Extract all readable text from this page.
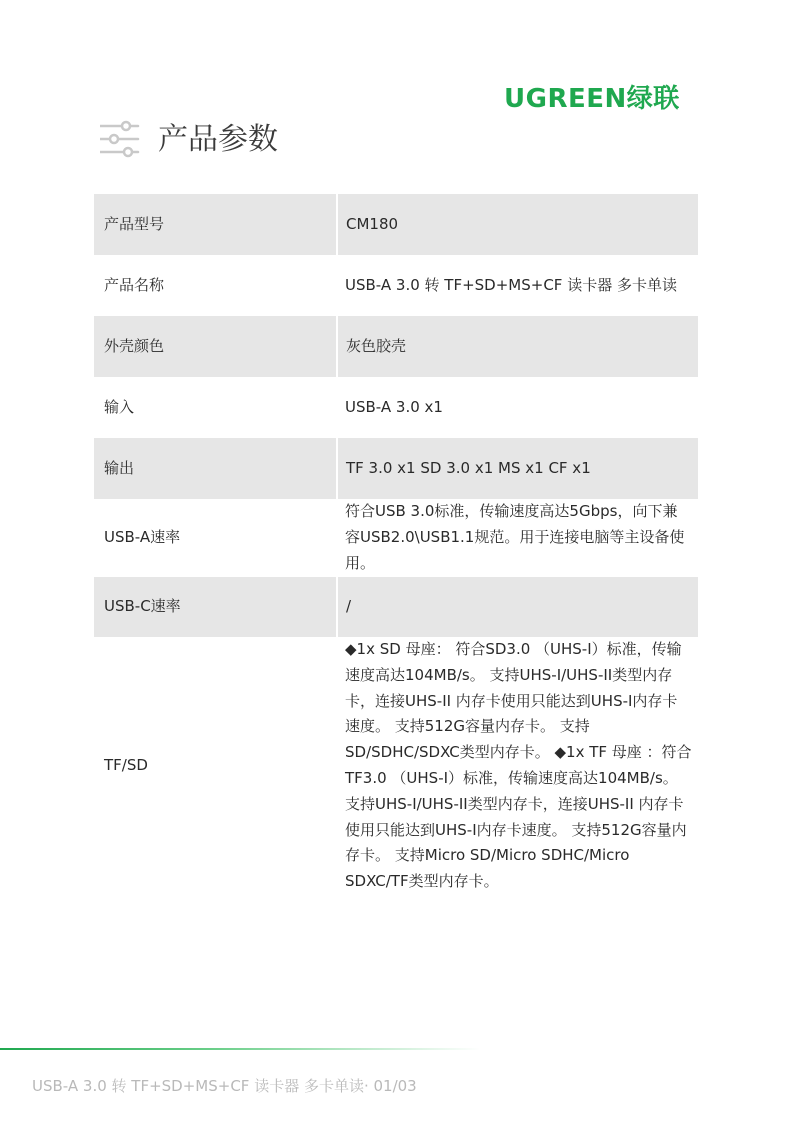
UGREEN绿联
产品参数
产品型号	CM180
产品名称	USB-A 3.0 转 TF+SD+MS+CF 读卡器 多卡单读
外壳颜色	灰色胶壳
输入	USB-A 3.0 x1
输出	TF 3.0 x1 SD 3.0 x1 MS x1 CF x1
USB-A速率	符合USB 3.0标准，传输速度高达5Gbps，向下兼容USB2.0\USB1.1规范。用于连接电脑等主设备使用。
USB-C速率	/
TF/SD	◆1x SD 母座： 符合SD3.0 （UHS-I）标准，传输速度高达104MB/s。 支持UHS-I/UHS-II类型内存卡，连接UHS-II 内存卡使用只能达到UHS-I内存卡速度。 支持512G容量内存卡。 支持SD/SDHC/SDXC类型内存卡。 ◆1x TF 母座 ：符合TF3.0 （UHS-I）标准，传输速度高达104MB/s。 支持UHS-I/UHS-II类型内存卡，连接UHS-II 内存卡使用只能达到UHS-I内存卡速度。 支持512G容量内存卡。 支持Micro SD/Micro SDHC/Micro SDXC/TF类型内存卡。
USB-A 3.0 转 TF+SD+MS+CF 读卡器 多卡单读· 01/03
